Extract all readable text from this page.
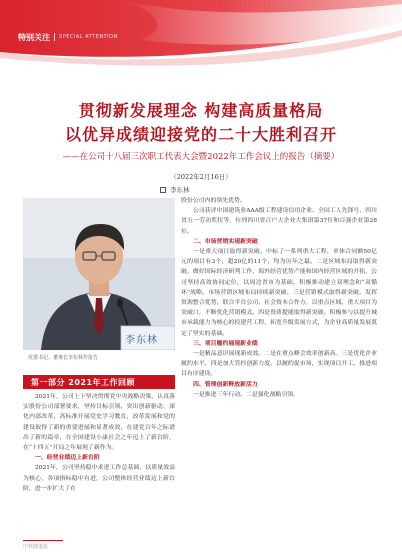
特别关注 SPECIAL ATTENTION
贯彻新发展理念 构建高质量格局
以优异成绩迎接党的二十大胜利召开
——在公司十八届三次职工代表大会暨2022年工作会议上的报告（摘要）
（2022年2月16日）
李东林
李东林
党委书记、董事长李东林作报告
第一部分 2021年工作回顾

2021年，公司上下坚决贯彻党中央战略决策，认真落实股份公司部署要求，坚持目标引领、突出创新驱动、深化内部改革，高标准开展党史学习教育，改革发展和党的建设取得了新的重要进展和显著成效，在建党百年之际谱出了新的篇章，在全国建设小康社会之年迈上了新台阶，在“十四五”开局之年展现了新作为。

一、经营业绩迈上新台阶

2021年，公司坚持稳中求进工作总基调，以质量效益为核心，各项指标稳中有进，公司整体经营业绩迈上新台阶，进一步扩大了在

股份公司内的领先优势。

公司获评中国建筑业AAA级工程建设信用企业、全国工人先锋号、四川省五一劳动奖状等，位列四川省百户大企业大集团第37位和百强企业第28位。

二、市场营销实现新突破

一是重大项目取得新突破。中标了一系列重大工程，单体合同额50亿元的项目有3个，超20亿的11个，均为历年之最。二是区域布局取得新突破。做好国际经济研判工作，海外经营优势产能和国内经营区域的开拓，公司坚持高效协同定位，以周边省市为基础，积极推动建立双理念和“双循环”战略，市场营销区域布局持续新突破。三是营销模式取得新突破。发挥资源整合优势，联合平台公司、社会资本合作方，以重点区域、重大项目为突破口，不断优化营销模式。四是资质提能取得新突破。积极参与以提升城市承载能力为核心的投建营工程，拓宽升级发展方式，为企业高质量发展奠定了坚实的基础。

三、项目履约展现新业绩

一是精品意识展现新成效。二是在重点峰会效率创新高。三是优化企业履约水平，四是加大管控创新力度，以履约促市场，实现项目开工，推进项目有序建设。

四、管理创新释放新活力

一是推进三年行动。二是强化战略引领。

中铁隧道报
